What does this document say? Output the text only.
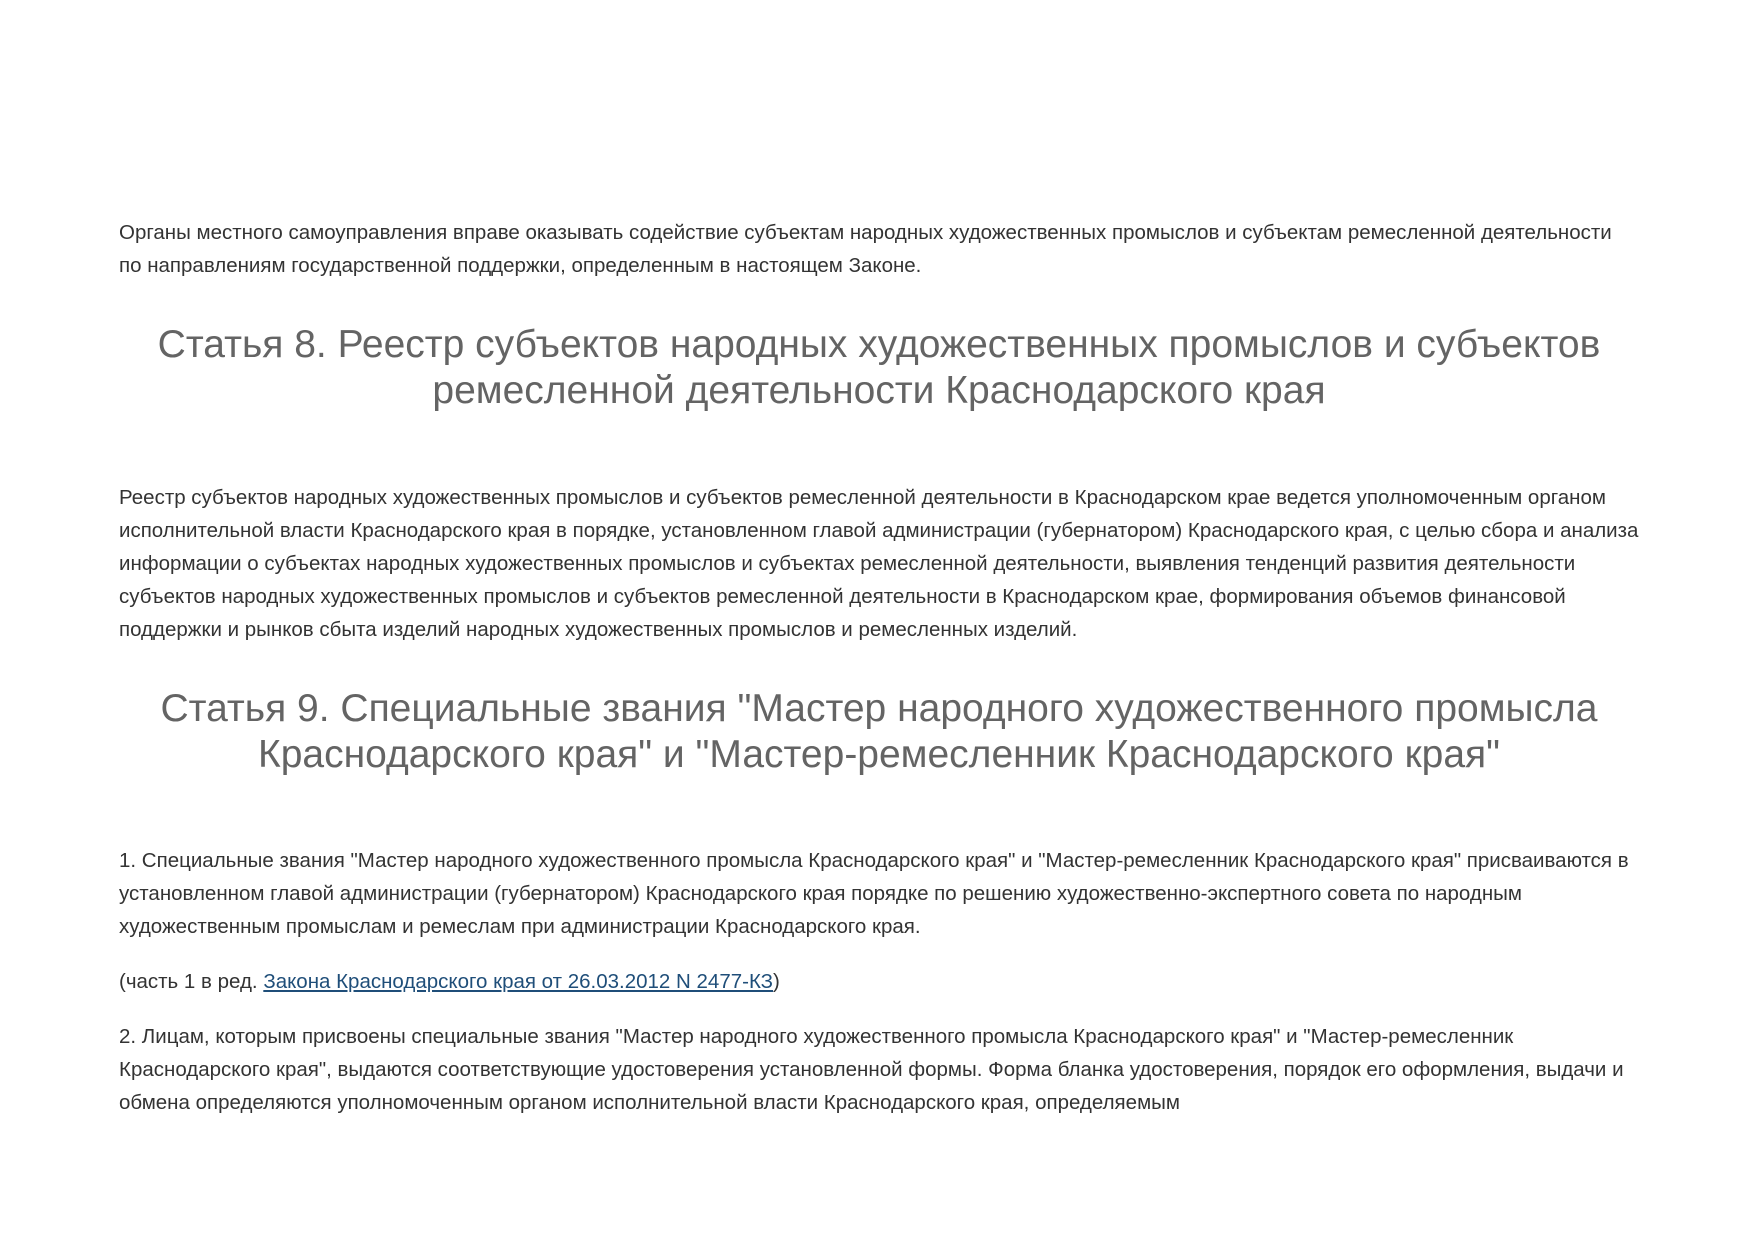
Органы местного самоуправления вправе оказывать содействие субъектам народных художественных промыслов и субъектам ремесленной деятельности по направлениям государственной поддержки, определенным в настоящем Законе.

Статья 8. Реестр субъектов народных художественных промыслов и субъектов ремесленной деятельности Краснодарского края

Реестр субъектов народных художественных промыслов и субъектов ремесленной деятельности в Краснодарском крае ведется уполномоченным органом исполнительной власти Краснодарского края в порядке, установленном главой администрации (губернатором) Краснодарского края, с целью сбора и анализа информации о субъектах народных художественных промыслов и субъектах ремесленной деятельности, выявления тенденций развития деятельности субъектов народных художественных промыслов и субъектов ремесленной деятельности в Краснодарском крае, формирования объемов финансовой поддержки и рынков сбыта изделий народных художественных промыслов и ремесленных изделий.

Статья 9. Специальные звания "Мастер народного художественного промысла Краснодарского края" и "Мастер-ремесленник Краснодарского края"

1. Специальные звания "Мастер народного художественного промысла Краснодарского края" и "Мастер-ремесленник Краснодарского края" присваиваются в установленном главой администрации (губернатором) Краснодарского края порядке по решению художественно-экспертного совета по народным художественным промыслам и ремеслам при администрации Краснодарского края.

(часть 1 в ред. Закона Краснодарского края от 26.03.2012 N 2477-КЗ)

2. Лицам, которым присвоены специальные звания "Мастер народного художественного промысла Краснодарского края" и "Мастер-ремесленник Краснодарского края", выдаются соответствующие удостоверения установленной формы. Форма бланка удостоверения, порядок его оформления, выдачи и обмена определяются уполномоченным органом исполнительной власти Краснодарского края, определяемым
